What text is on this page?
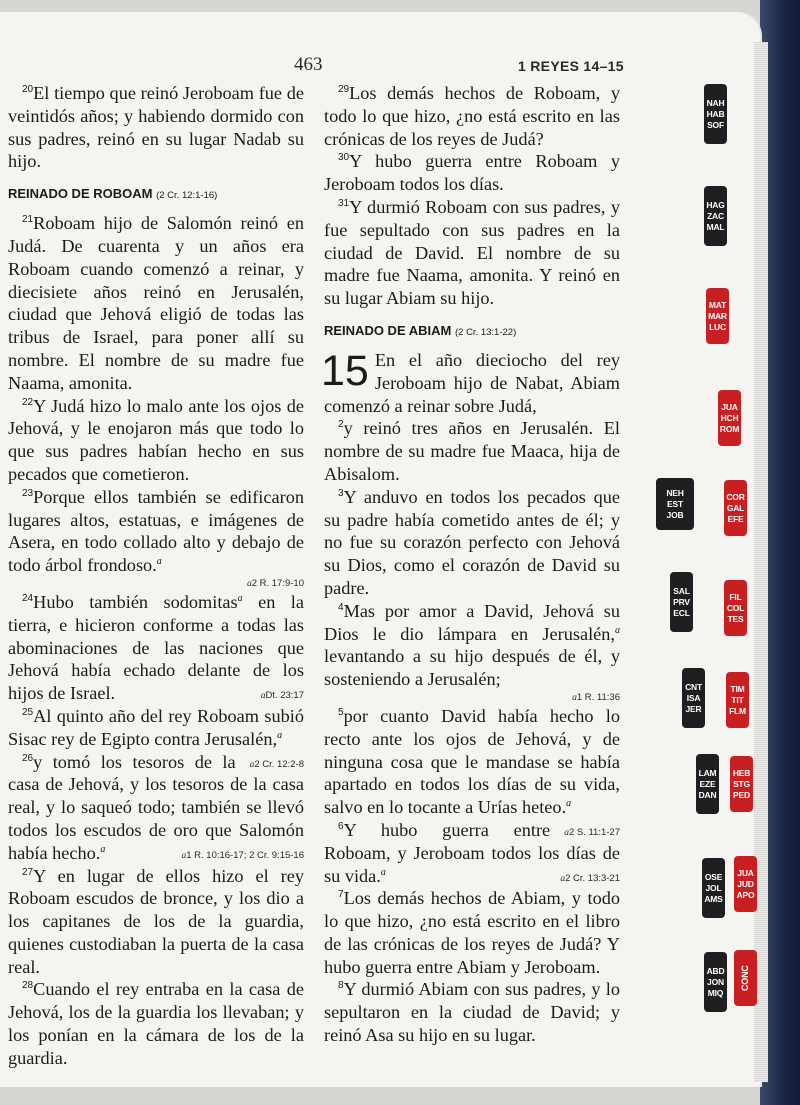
463	1 REYES 14–15

$^{20}$El tiempo que reinó Jeroboam fue de veintidós años; y habiendo dormido con sus padres, reinó en su lugar Nadab su hijo.

REINADO DE ROBOAM (2 Cr. 12:1-16)

$^{21}$Roboam hijo de Salomón reinó en Judá. De cuarenta y un años era Roboam cuando comenzó a reinar, y diecisiete años reinó en Jerusalén, ciudad que Jehová eligió de todas las tribus de Israel, para poner allí su nombre. El nombre de su madre fue Naama, amonita.

$^{22}$Y Judá hizo lo malo ante los ojos de Jehová, y le enojaron más que todo lo que sus padres habían hecho en sus pecados que cometieron.

$^{23}$Porque ellos también se edificaron lugares altos, estatuas, e imágenes de Asera, en todo collado alto y debajo de todo árbol frondoso.$^a$

a2 R. 17:9-10

$^{24}$Hubo también sodomitas$^a$ en la tierra, e hicieron conforme a todas las abominaciones de las naciones que Jehová había echado delante de los hijos de Israel.	aDt. 23:17

$^{25}$Al quinto año del rey Roboam subió Sisac rey de Egipto contra Jerusalén,$^a$
a2 Cr. 12:2-8

$^{26}$y tomó los tesoros de la casa de Jehová, y los tesoros de la casa real, y lo saqueó todo; también se llevó todos los escudos de oro que Salomón había hecho.$^a$
a1 R. 10:16-17; 2 Cr. 9:15-16

$^{27}$Y en lugar de ellos hizo el rey Roboam escudos de bronce, y los dio a los capitanes de los de la guardia, quienes custodiaban la puerta de la casa real.

$^{28}$Cuando el rey entraba en la casa de Jehová, los de la guardia los llevaban; y los ponían en la cámara de los de la guardia.

$^{29}$Los demás hechos de Roboam, y todo lo que hizo, ¿no está escrito en las crónicas de los reyes de Judá?

$^{30}$Y hubo guerra entre Roboam y Jeroboam todos los días.

$^{31}$Y durmió Roboam con sus padres, y fue sepultado con sus padres en la ciudad de David. El nombre de su madre fue Naama, amonita. Y reinó en su lugar Abiam su hijo.

REINADO DE ABIAM (2 Cr. 13:1-22)

15 En el año dieciocho del rey Jeroboam hijo de Nabat, Abiam comenzó a reinar sobre Judá,

$^2$y reinó tres años en Jerusalén. El nombre de su madre fue Maaca, hija de Abisalom.

$^3$Y anduvo en todos los pecados que su padre había cometido antes de él; y no fue su corazón perfecto con Jehová su Dios, como el corazón de David su padre.

$^4$Mas por amor a David, Jehová su Dios le dio lámpara en Jerusalén,$^a$ levantando a su hijo después de él, y sosteniendo a Jerusalén;

a1 R. 11:36

$^5$por cuanto David había hecho lo recto ante los ojos de Jehová, y de ninguna cosa que le mandase se había apartado en todos los días de su vida, salvo en lo tocante a Urías heteo.$^a$
a2 S. 11:1-27

$^6$Y hubo guerra entre Roboam, y Jeroboam todos los días de su vida.$^a$
a2 Cr. 13:3-21

$^7$Los demás hechos de Abiam, y todo lo que hizo, ¿no está escrito en el libro de las crónicas de los reyes de Judá? Y hubo guerra entre Abiam y Jeroboam.

$^8$Y durmió Abiam con sus padres, y lo sepultaron en la ciudad de David; y reinó Asa su hijo en su lugar.

NAH
HAB
SOF
HAG
ZAC
MAL
MAT
MAR
LUC
JUA
HCH
ROM
NEH
EST
JOB
COR
GAL
EFE
SAL
PRV
ECL
FIL
COL
TES
CNT
ISA
JER
TIM
TIT
FLM
LAM
EZE
DAN
HEB
STG
PED
OSE
JOL
AMS
JUA
JUD
APO
ABD
JON
MIQ
CONC
